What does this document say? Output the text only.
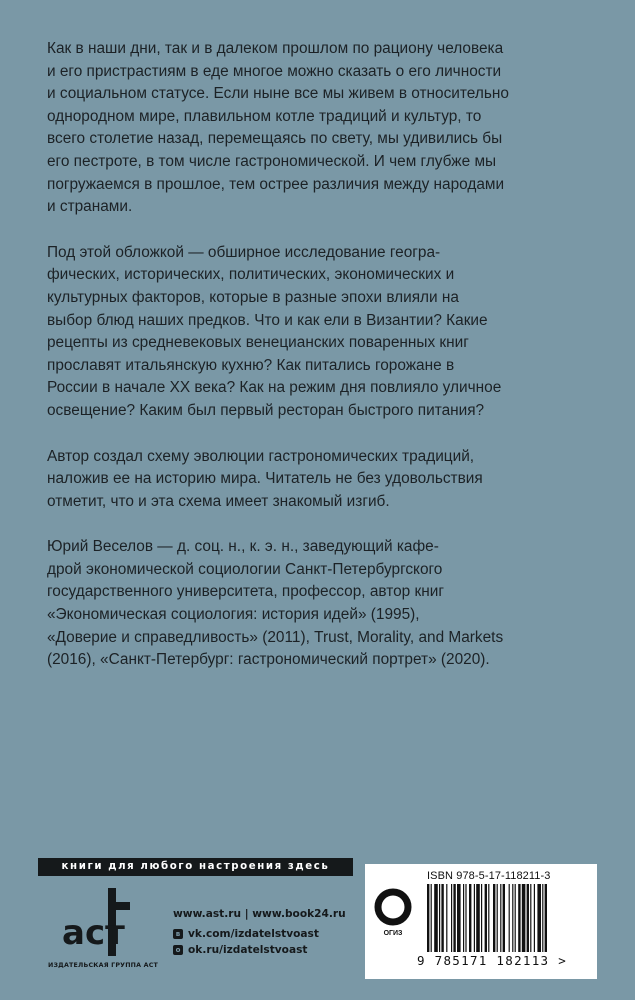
Как в наши дни, так и в далеком прошлом по рациону человека
и его пристрастиям в еде многое можно сказать о его личности
и социальном статусе. Если ныне все мы живем в относительно
однородном мире, плавильном котле традиций и культур, то
всего столетие назад, перемещаясь по свету, мы удивились бы
его пестроте, в том числе гастрономической. И чем глубже мы
погружаемся в прошлое, тем острее различия между народами
и странами.

Под этой обложкой — обширное исследование геогра-
фических, исторических, политических, экономических и
культурных факторов, которые в разные эпохи влияли на
выбор блюд наших предков. Что и как ели в Византии? Какие
рецепты из средневековых венецианских поваренных книг
прославят итальянскую кухню? Как питались горожане в
России в начале XX века? Как на режим дня повлияло уличное
освещение? Каким был первый ресторан быстрого питания?

Автор создал схему эволюции гастрономических традиций,
наложив ее на историю мира. Читатель не без удовольствия
отметит, что и эта схема имеет знакомый изгиб.

Юрий Веселов — д. соц. н., к. э. н., заведующий кафе-
дрой экономической социологии Санкт-Петербургского
государственного университета, профессор, автор книг
«Экономическая социология: история идей» (1995),
«Доверие и справедливость» (2011), Trust, Morality, and Markets
(2016), «Санкт-Петербург: гастрономический портрет» (2020).

книги для любого настроения здесь
аст
ИЗДАТЕЛЬСКАЯ ГРУППА АСТ
www.ast.ru | www.book24.ru
в vk.com/izdatelstvoast
о ok.ru/izdatelstvoast
ОГИЗ
ISBN 978-5-17-118211-3
9 785171 182113 >
